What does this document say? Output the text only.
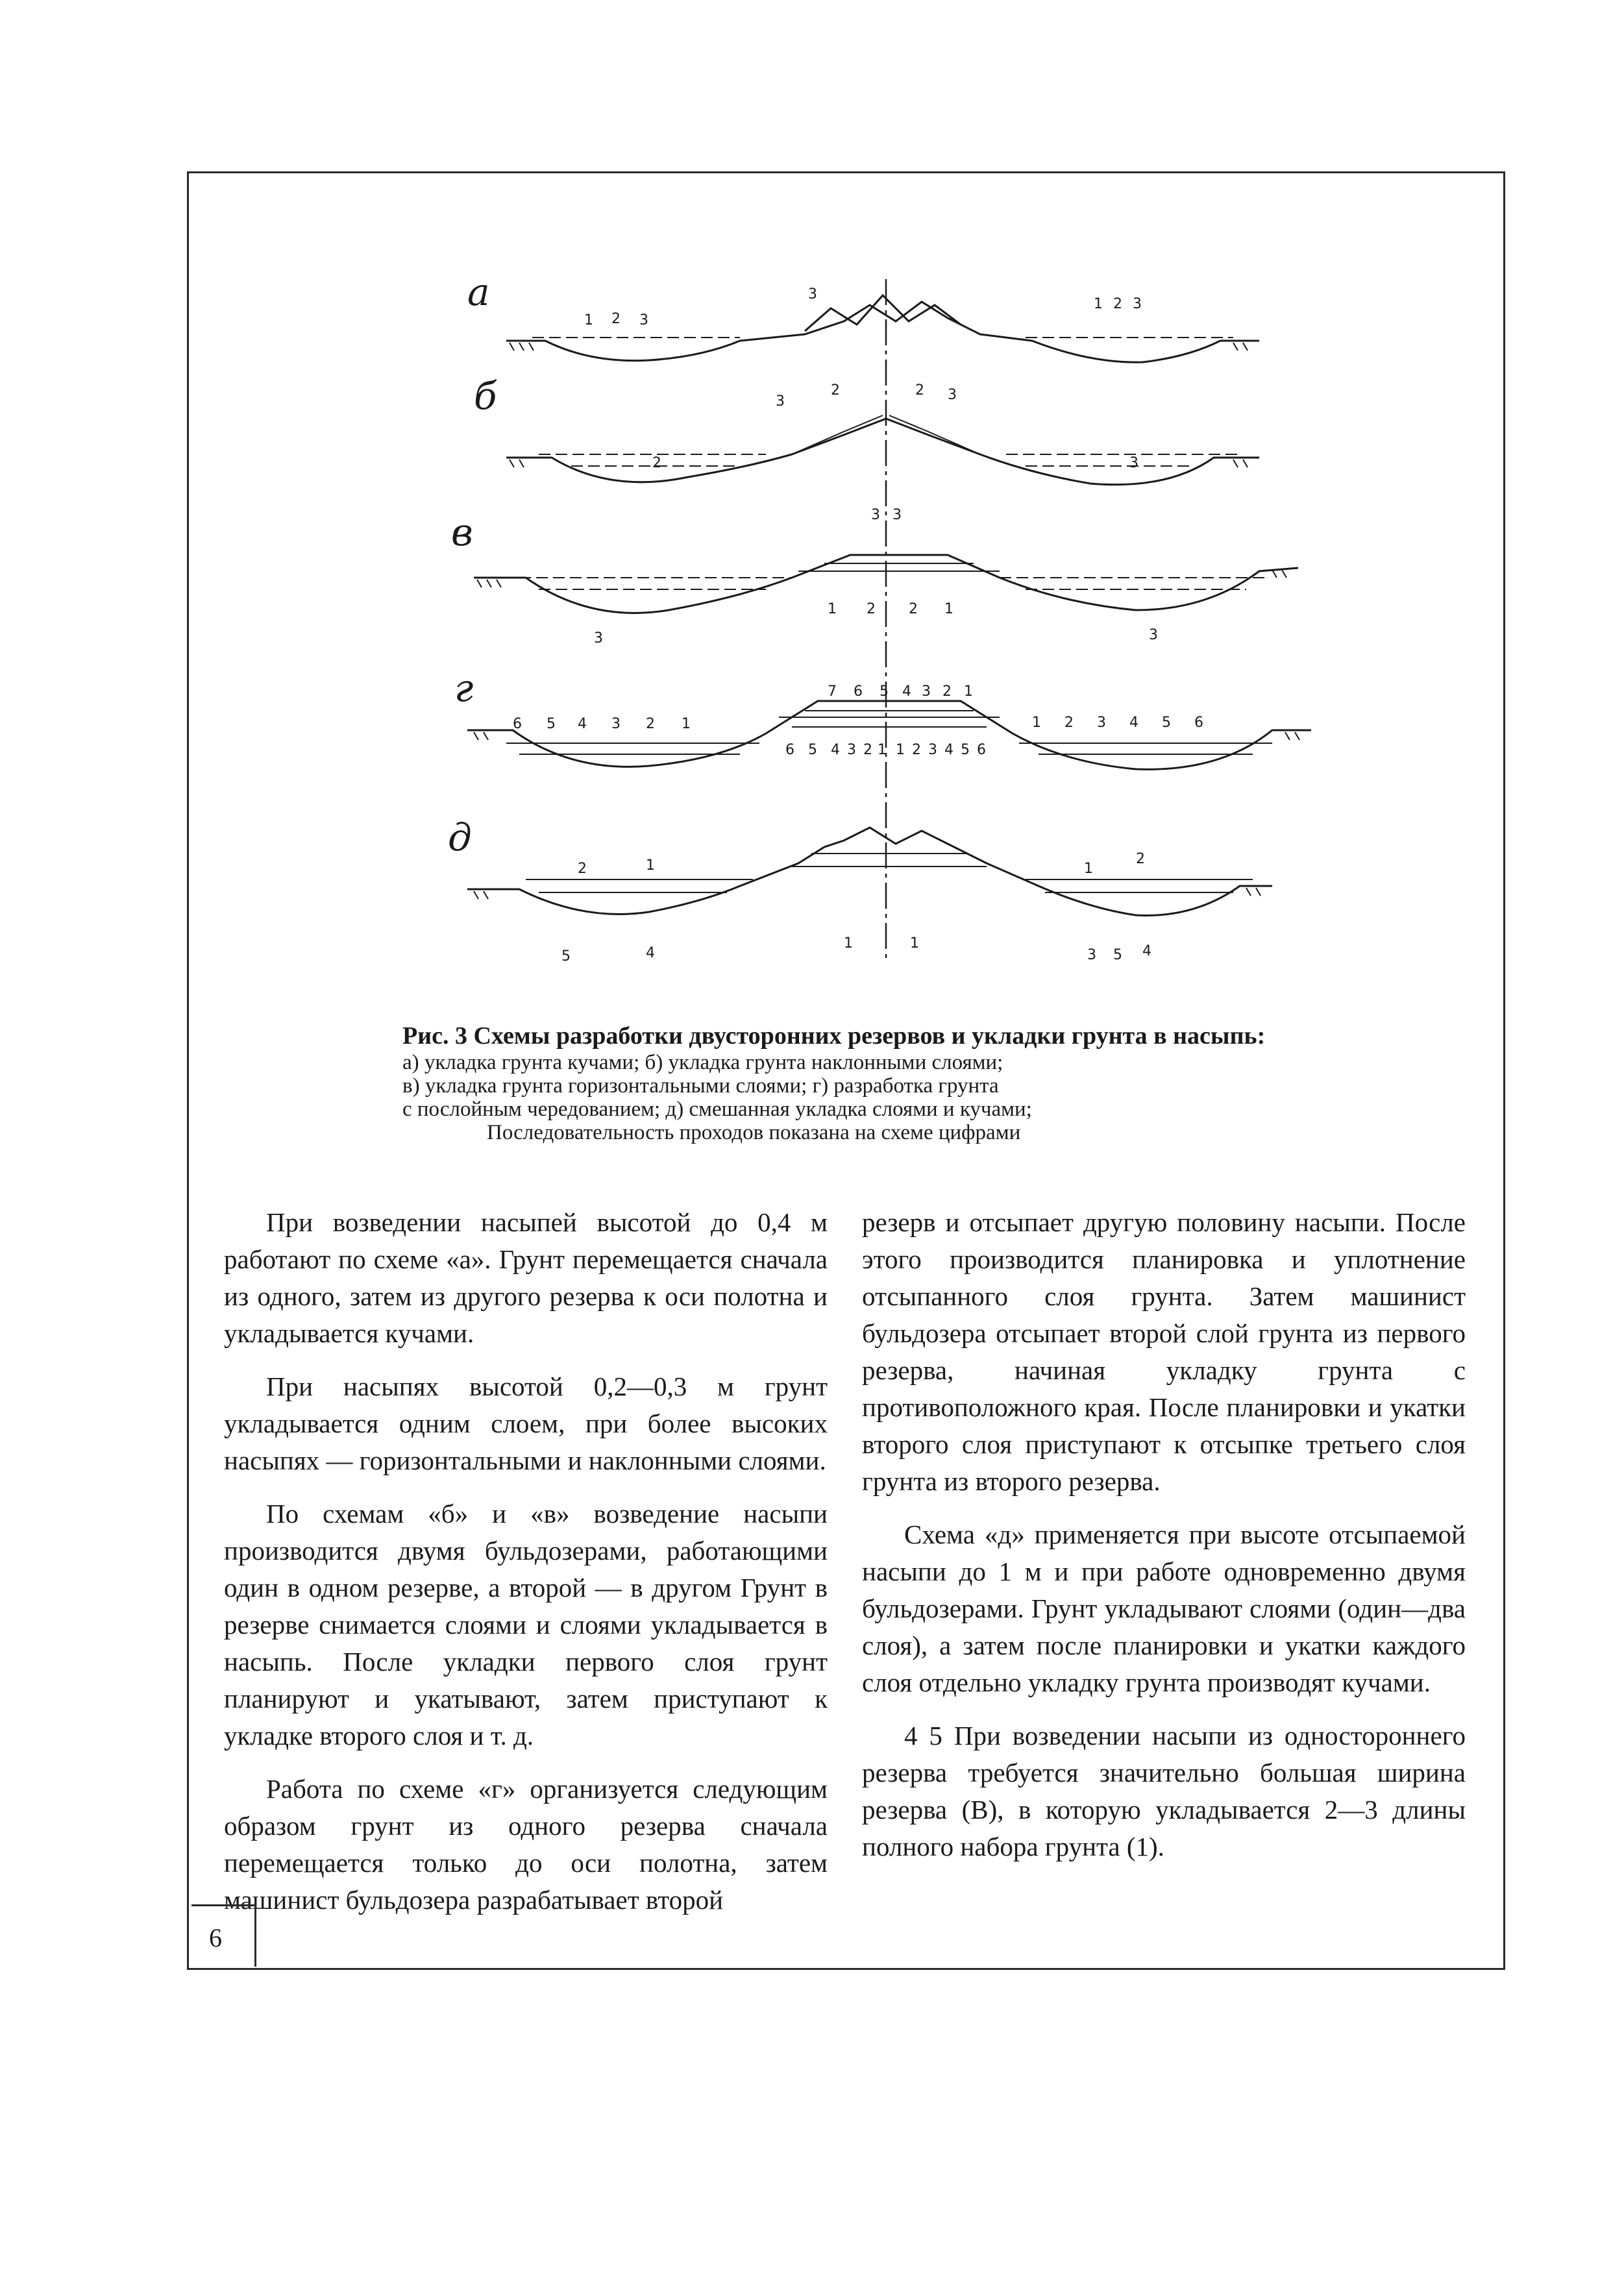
а
б
в
г
д
1 2 3
1 2 3
3
3
2	2 3
2	3
3 3
1 2 2 1
3	3
7 6 5 4 3 2 1
6 5 4 3 2 1	1 2 3 4 5 6
6 5 4 3 2 1 1 2 3 4 5 6
2	1	1
2
1	1
5	4	3 5 4
Рис. 3 Схемы разработки двусторонних резервов и укладки грунта в насыпь:
а) укладка грунта кучами; б) укладка грунта наклонными слоями;
в) укладка грунта горизонтальными слоями; г) разработка грунта
с послойным чередованием; д) смешанная укладка слоями и кучами;
Последовательность проходов показана на схеме цифрами

При возведении насыпей высотой до 0,4 м работают по схеме «а». Грунт перемещается сначала из одного, затем из другого резерва к оси полотна и укладывается кучами.

При насыпях высотой 0,2—0,3 м грунт укладывается одним слоем, при более высоких насыпях — горизонтальными и наклонными слоями.

По схемам «б» и «в» возведение насыпи производится двумя бульдозерами, работающими один в одном резерве, а второй — в другом Грунт в резерве снимается слоями и слоями укладывается в насыпь. После укладки первого слоя грунт планируют и укатывают, затем приступают к укладке второго слоя и т. д.

Работа по схеме «г» организуется следующим образом грунт из одного резерва сначала перемещается только до оси полотна, затем машинист бульдозера разрабатывает второй

резерв и отсыпает другую половину насыпи. После этого производится планировка и уплотнение отсыпанного слоя грунта. Затем машинист бульдозера отсыпает второй слой грунта из первого резерва, начиная укладку грунта с противоположного края. После планировки и укатки второго слоя приступают к отсыпке третьего слоя грунта из второго резерва.

Схема «д» применяется при высоте отсыпаемой насыпи до 1 м и при работе одновременно двумя бульдозерами. Грунт укладывают слоями (один—два слоя), а затем после планировки и укатки каждого слоя отдельно укладку грунта производят кучами.

4 5 При возведении насыпи из одностороннего резерва требуется значительно большая ширина резерва (В), в которую укладывается 2—3 длины полного набора грунта (1).

6
